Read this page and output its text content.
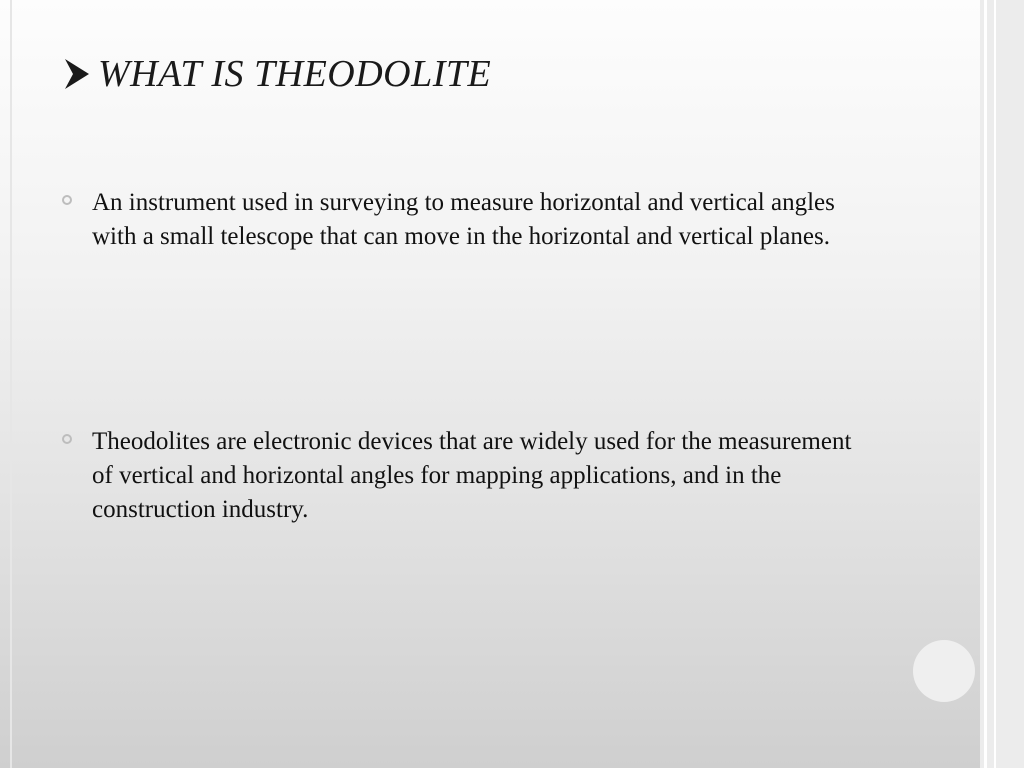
WHAT IS THEODOLITE
An instrument used in surveying to measure horizontal and vertical angles with a small telescope that can move in the horizontal and vertical planes.
Theodolites are electronic devices that are widely used for the measurement of vertical and horizontal angles for mapping applications, and in the construction industry.
